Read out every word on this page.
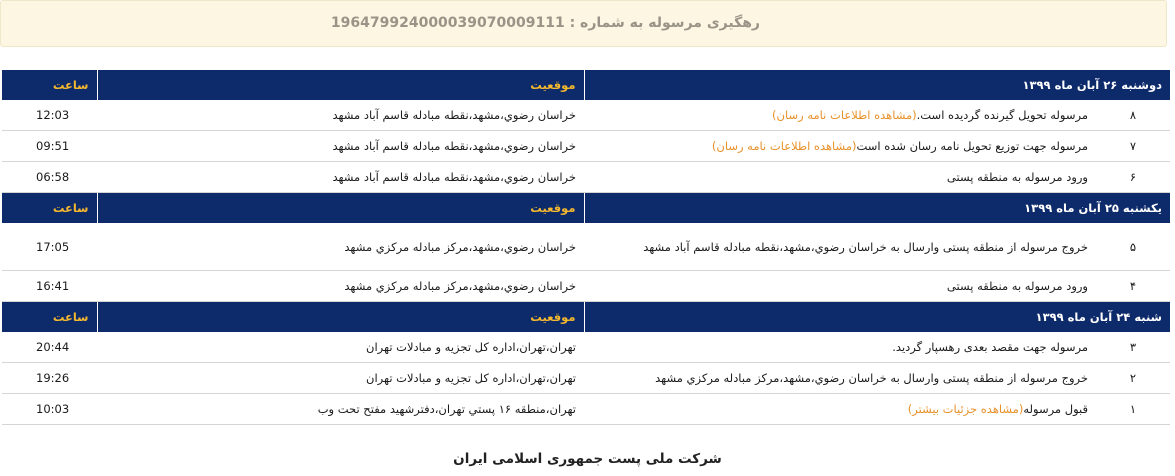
رهگیری مرسوله به شماره : 196479924000039070009111
دوشنبه ۲۶ آبان ماه ۱۳۹۹		موقعیت	ساعت
۸	مرسوله تحویل گیرنده گردیده است.(مشاهده اطلاعات نامه رسان)	خراسان رضوي،مشهد،نقطه مبادله قاسم آباد مشهد	12:03
۷	مرسوله جهت توزیع تحویل نامه رسان شده است(مشاهده اطلاعات نامه رسان)	خراسان رضوي،مشهد،نقطه مبادله قاسم آباد مشهد	09:51
۶	ورود مرسوله به منطقه پستی	خراسان رضوي،مشهد،نقطه مبادله قاسم آباد مشهد	06:58
یکشنبه ۲۵ آبان ماه ۱۳۹۹		موقعیت	ساعت
۵	خروج مرسوله از منطقه پستی وارسال به خراسان رضوي،مشهد،نقطه مبادله قاسم آباد مشهد	خراسان رضوي،مشهد،مركز مبادله مركزي مشهد	17:05
۴	ورود مرسوله به منطقه پستی	خراسان رضوي،مشهد،مركز مبادله مركزي مشهد	16:41
شنبه ۲۴ آبان ماه ۱۳۹۹		موقعیت	ساعت
۳	مرسوله جهت مقصد بعدی رهسپار گردید.	تهران،تهران،اداره کل تجزیه و مبادلات تهران	20:44
۲	خروج مرسوله از منطقه پستی وارسال به خراسان رضوي،مشهد،مركز مبادله مركزي مشهد	تهران،تهران،اداره کل تجزیه و مبادلات تهران	19:26
۱	قبول مرسوله(مشاهده جزئیات بیشتر)	تهران،منطقه ۱۶ پستي تهران،دفترشهید مفتح تحت وب	10:03
شرکت ملی پست جمهوری اسلامی ایران
